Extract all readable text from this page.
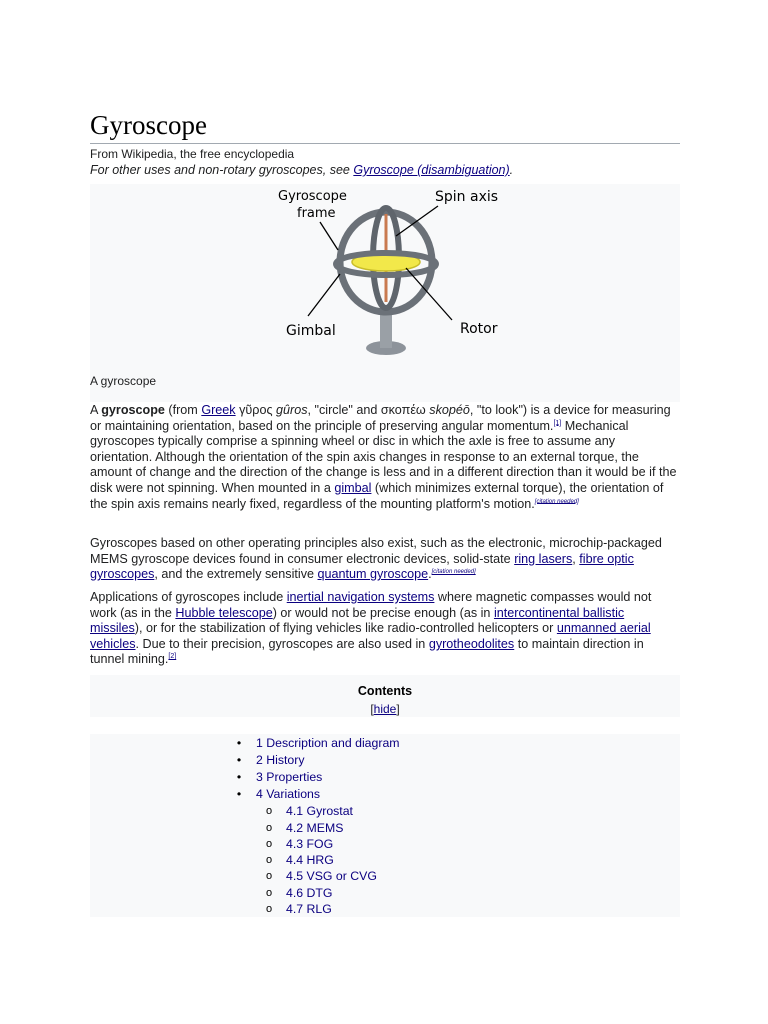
Gyroscope
From Wikipedia, the free encyclopedia
For other uses and non-rotary gyroscopes, see Gyroscope (disambiguation).
Gyroscope
frame
Spin axis
Gimbal	Rotor
A gyroscope

A gyroscope (from Greek γῦρος gûros, "circle" and σκοπέω skopéō, "to look") is a device for measuring or maintaining orientation, based on the principle of preserving angular momentum.[1] Mechanical gyroscopes typically comprise a spinning wheel or disc in which the axle is free to assume any orientation. Although the orientation of the spin axis changes in response to an external torque, the amount of change and the direction of the change is less and in a different direction than it would be if the disk were not spinning. When mounted in a gimbal (which minimizes external torque), the orientation of the spin axis remains nearly fixed, regardless of the mounting platform's motion.[citation needed]

Gyroscopes based on other operating principles also exist, such as the electronic, microchip-packaged MEMS gyroscope devices found in consumer electronic devices, solid-state ring lasers, fibre optic gyroscopes, and the extremely sensitive quantum gyroscope.[citation needed]

Applications of gyroscopes include inertial navigation systems where magnetic compasses would not work (as in the Hubble telescope) or would not be precise enough (as in intercontinental ballistic missiles), or for the stabilization of flying vehicles like radio-controlled helicopters or unmanned aerial vehicles. Due to their precision, gyroscopes are also used in gyrotheodolites to maintain direction in tunnel mining.[2]

Contents
[hide]
•	1 Description and diagram
•	2 History
•	3 Properties
•	4 Variations
o	4.1 Gyrostat
o	4.2 MEMS
o	4.3 FOG
o	4.4 HRG
o	4.5 VSG or CVG
o	4.6 DTG
o	4.7 RLG
